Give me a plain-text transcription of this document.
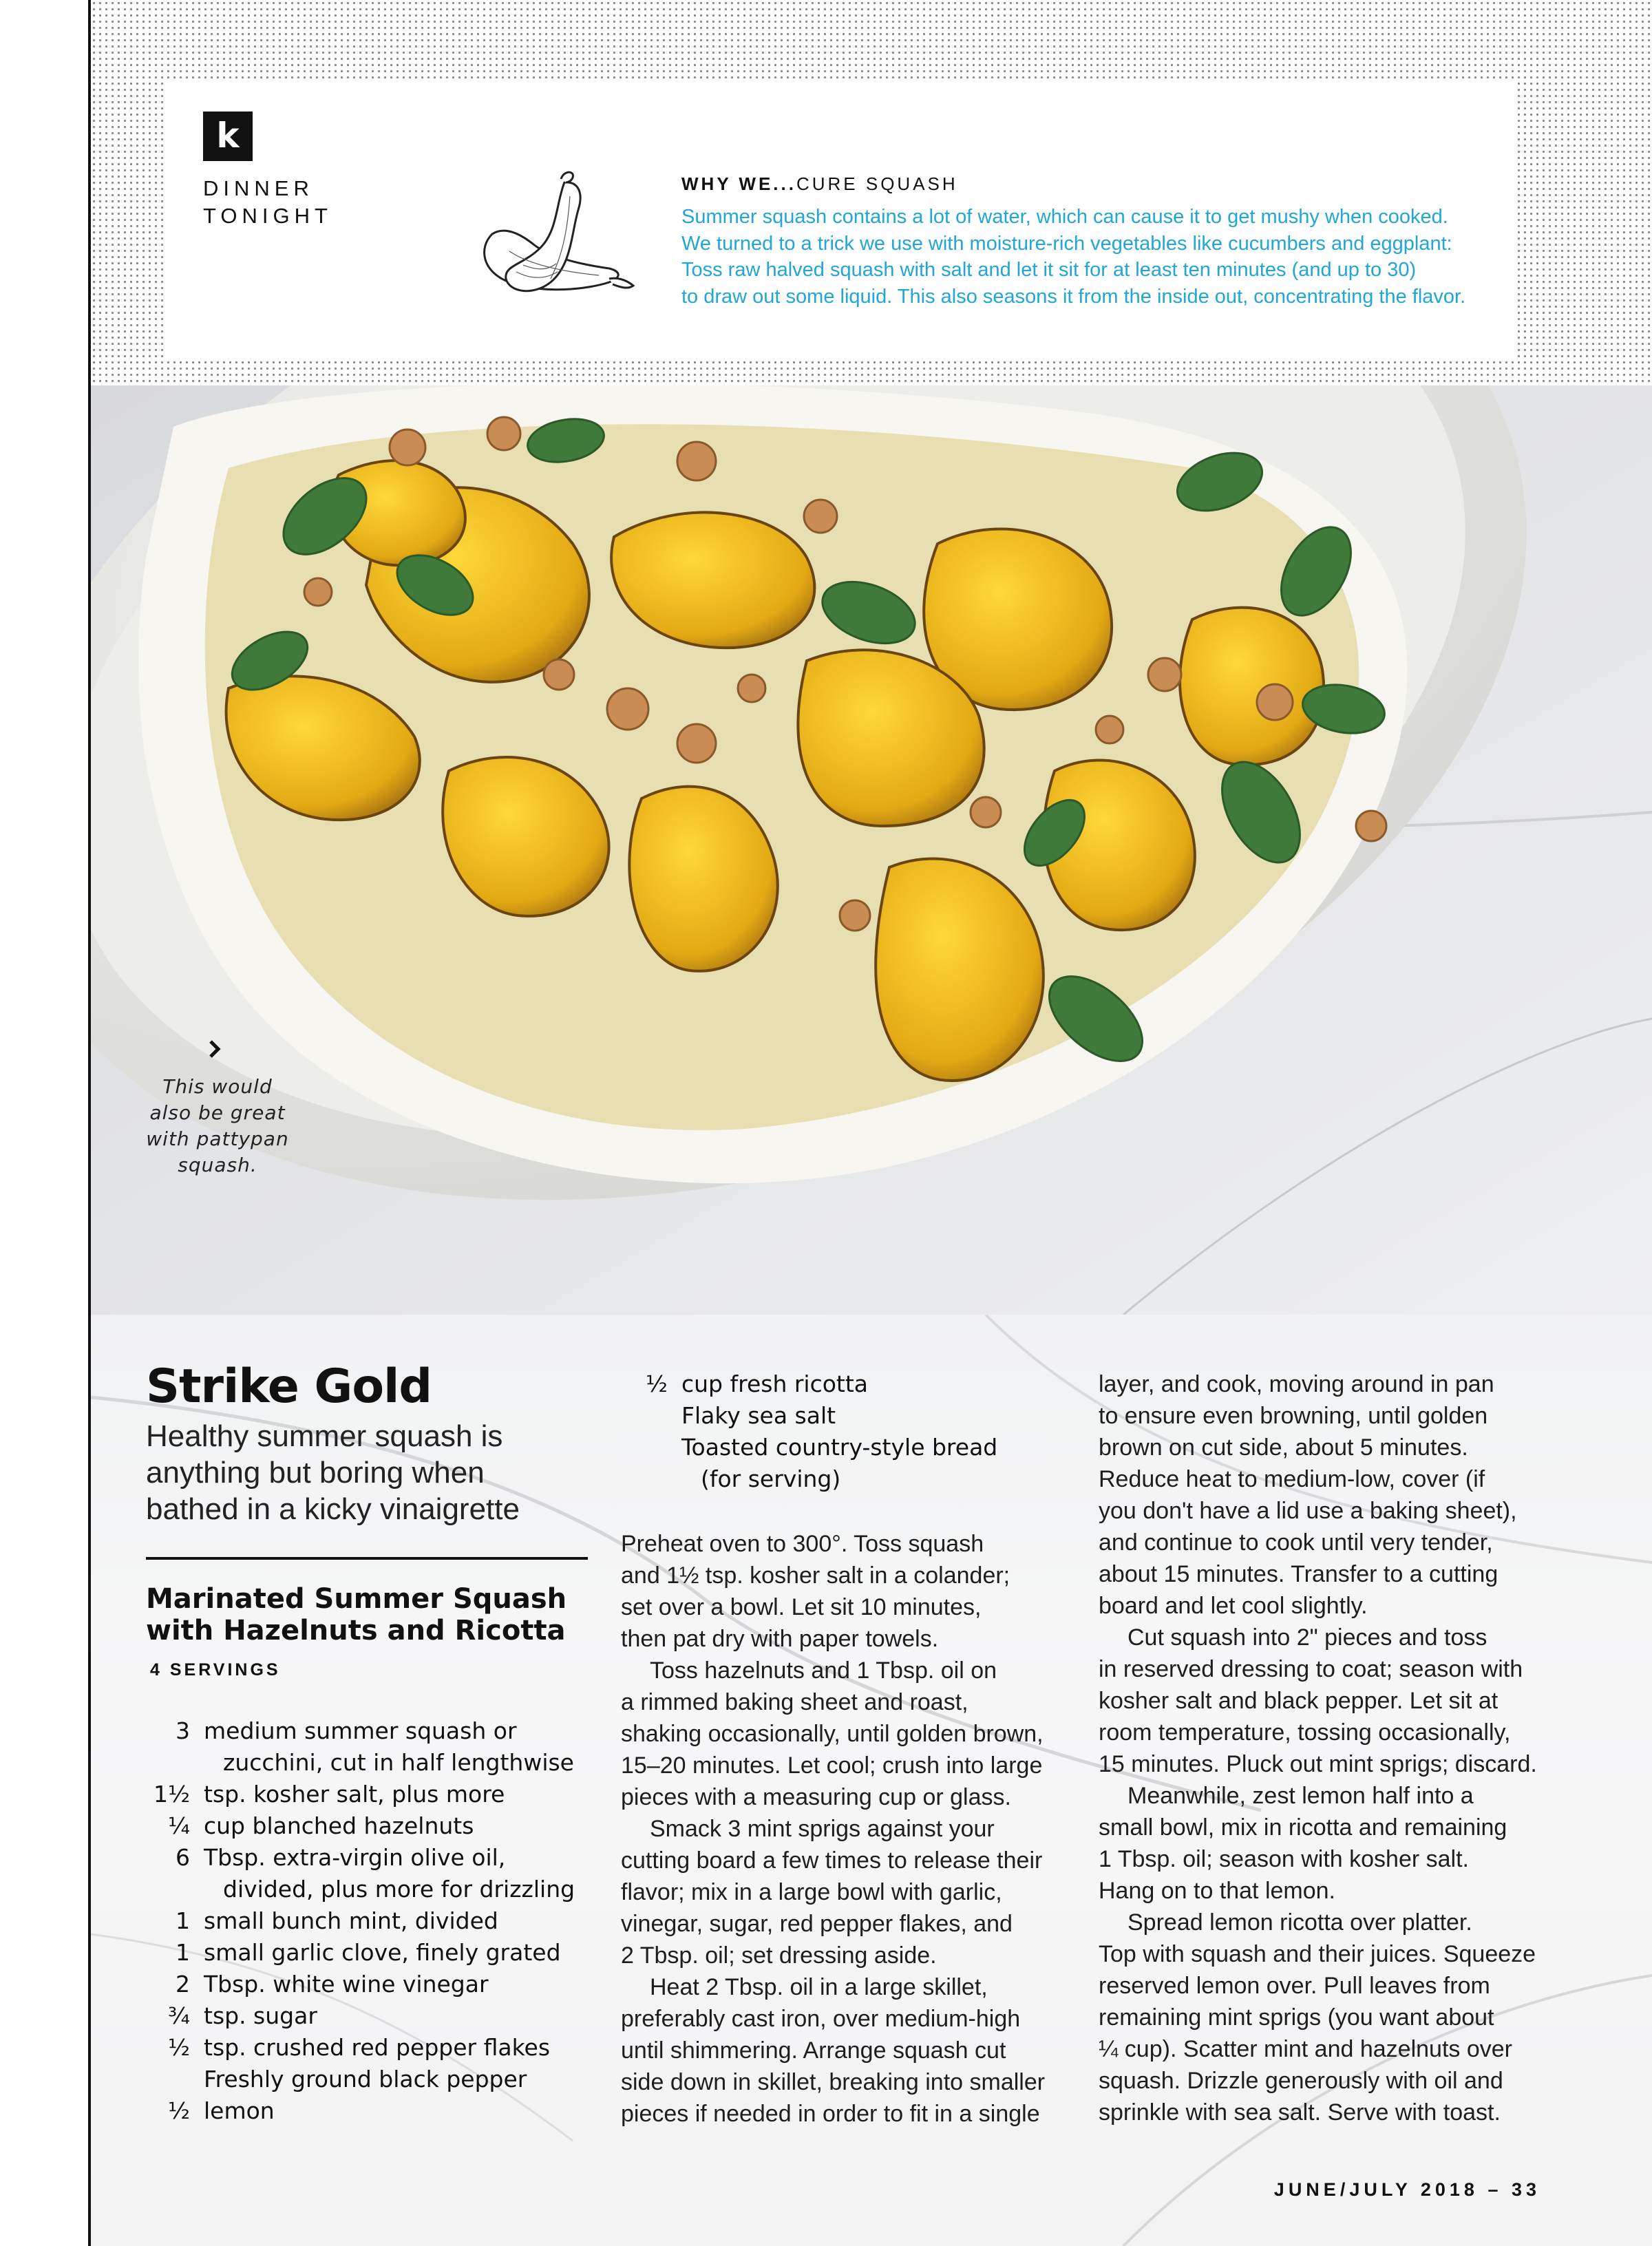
k
DINNER
TONIGHT
WHY WE...CURE SQUASH
Summer squash contains a lot of water, which can cause it to get mushy when cooked.
We turned to a trick we use with moisture-rich vegetables like cucumbers and eggplant:
Toss raw halved squash with salt and let it sit for at least ten minutes (and up to 30)
to draw out some liquid. This also seasons it from the inside out, concentrating the flavor.
This would
also be great
with pattypan
squash.
Strike Gold
Healthy summer squash is
anything but boring when
bathed in a kicky vinaigrette
Marinated Summer Squash
with Hazelnuts and Ricotta
4 SERVINGS
3 medium summer squash or
zucchini, cut in half lengthwise
1½ tsp. kosher salt, plus more
¼ cup blanched hazelnuts
6 Tbsp. extra-virgin olive oil,
divided, plus more for drizzling
1 small bunch mint, divided
1 small garlic clove, finely grated
2 Tbsp. white wine vinegar
¾ tsp. sugar
½ tsp. crushed red pepper flakes
Freshly ground black pepper
½ lemon
½ cup fresh ricotta
Flaky sea salt
Toasted country-style bread
(for serving)
Preheat oven to 300°. Toss squash
and 1½ tsp. kosher salt in a colander;
set over a bowl. Let sit 10 minutes,
then pat dry with paper towels.
Toss hazelnuts and 1 Tbsp. oil on
a rimmed baking sheet and roast,
shaking occasionally, until golden brown,
15–20 minutes. Let cool; crush into large
pieces with a measuring cup or glass.
Smack 3 mint sprigs against your
cutting board a few times to release their
flavor; mix in a large bowl with garlic,
vinegar, sugar, red pepper flakes, and
2 Tbsp. oil; set dressing aside.
Heat 2 Tbsp. oil in a large skillet,
preferably cast iron, over medium-high
until shimmering. Arrange squash cut
side down in skillet, breaking into smaller
pieces if needed in order to fit in a single
layer, and cook, moving around in pan
to ensure even browning, until golden
brown on cut side, about 5 minutes.
Reduce heat to medium-low, cover (if
you don't have a lid use a baking sheet),
and continue to cook until very tender,
about 15 minutes. Transfer to a cutting
board and let cool slightly.
Cut squash into 2" pieces and toss
in reserved dressing to coat; season with
kosher salt and black pepper. Let sit at
room temperature, tossing occasionally,
15 minutes. Pluck out mint sprigs; discard.
Meanwhile, zest lemon half into a
small bowl, mix in ricotta and remaining
1 Tbsp. oil; season with kosher salt.
Hang on to that lemon.
Spread lemon ricotta over platter.
Top with squash and their juices. Squeeze
reserved lemon over. Pull leaves from
remaining mint sprigs (you want about
¼ cup). Scatter mint and hazelnuts over
squash. Drizzle generously with oil and
sprinkle with sea salt. Serve with toast.
JUNE/JULY 2018 – 33
